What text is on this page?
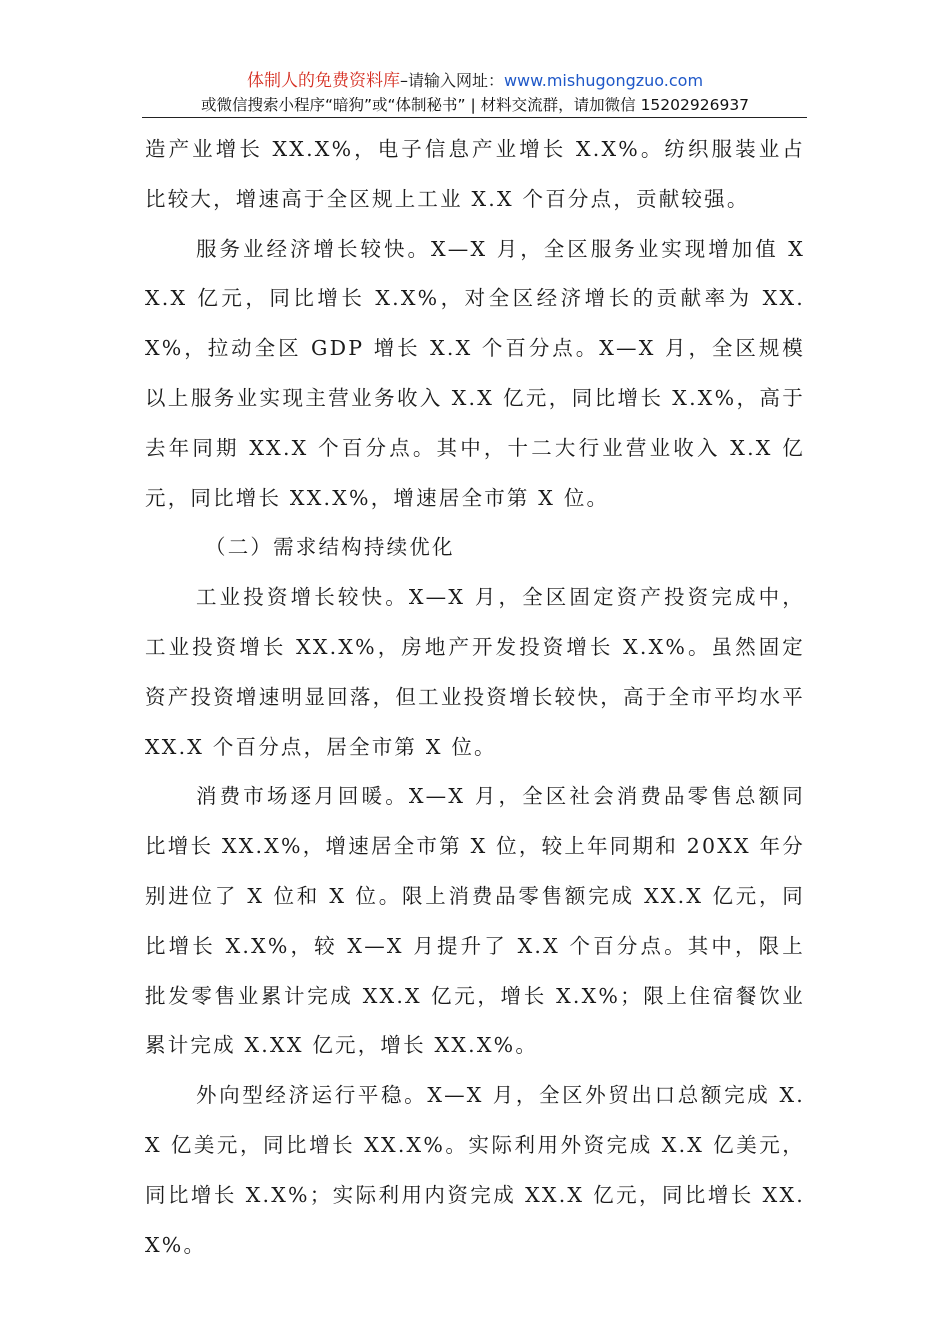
体制人的免费资料库–请输入网址：www.mishugongzuo.com
或微信搜索小程序“暗狗”或“体制秘书” | 材料交流群，请加微信 15202926937

造产业增长 XX.X%，电子信息产业增长 X.X%。纺织服装业占比较大，增速高于全区规上工业 X.X 个百分点，贡献较强。

服务业经济增长较快。X—X 月，全区服务业实现增加值 XX.X 亿元，同比增长 X.X%，对全区经济增长的贡献率为 XX.X%，拉动全区 GDP 增长 X.X 个百分点。X—X 月，全区规模以上服务业实现主营业务收入 X.X 亿元，同比增长 X.X%，高于去年同期 XX.X 个百分点。其中，十二大行业营业收入 X.X 亿元，同比增长 XX.X%，增速居全市第 X 位。

（二）需求结构持续优化

工业投资增长较快。X—X 月，全区固定资产投资完成中，工业投资增长 XX.X%，房地产开发投资增长 X.X%。虽然固定资产投资增速明显回落，但工业投资增长较快，高于全市平均水平 XX.X 个百分点，居全市第 X 位。

消费市场逐月回暖。X—X 月，全区社会消费品零售总额同比增长 XX.X%，增速居全市第 X 位，较上年同期和 20XX 年分别进位了 X 位和 X 位。限上消费品零售额完成 XX.X 亿元，同比增长 X.X%，较 X—X 月提升了 X.X 个百分点。其中，限上批发零售业累计完成 XX.X 亿元，增长 X.X%；限上住宿餐饮业累计完成 X.XX 亿元，增长 XX.X%。

外向型经济运行平稳。X—X 月，全区外贸出口总额完成 X.X 亿美元，同比增长 XX.X%。实际利用外资完成 X.X 亿美元，同比增长 X.X%；实际利用内资完成 XX.X 亿元，同比增长 XX.X%。
